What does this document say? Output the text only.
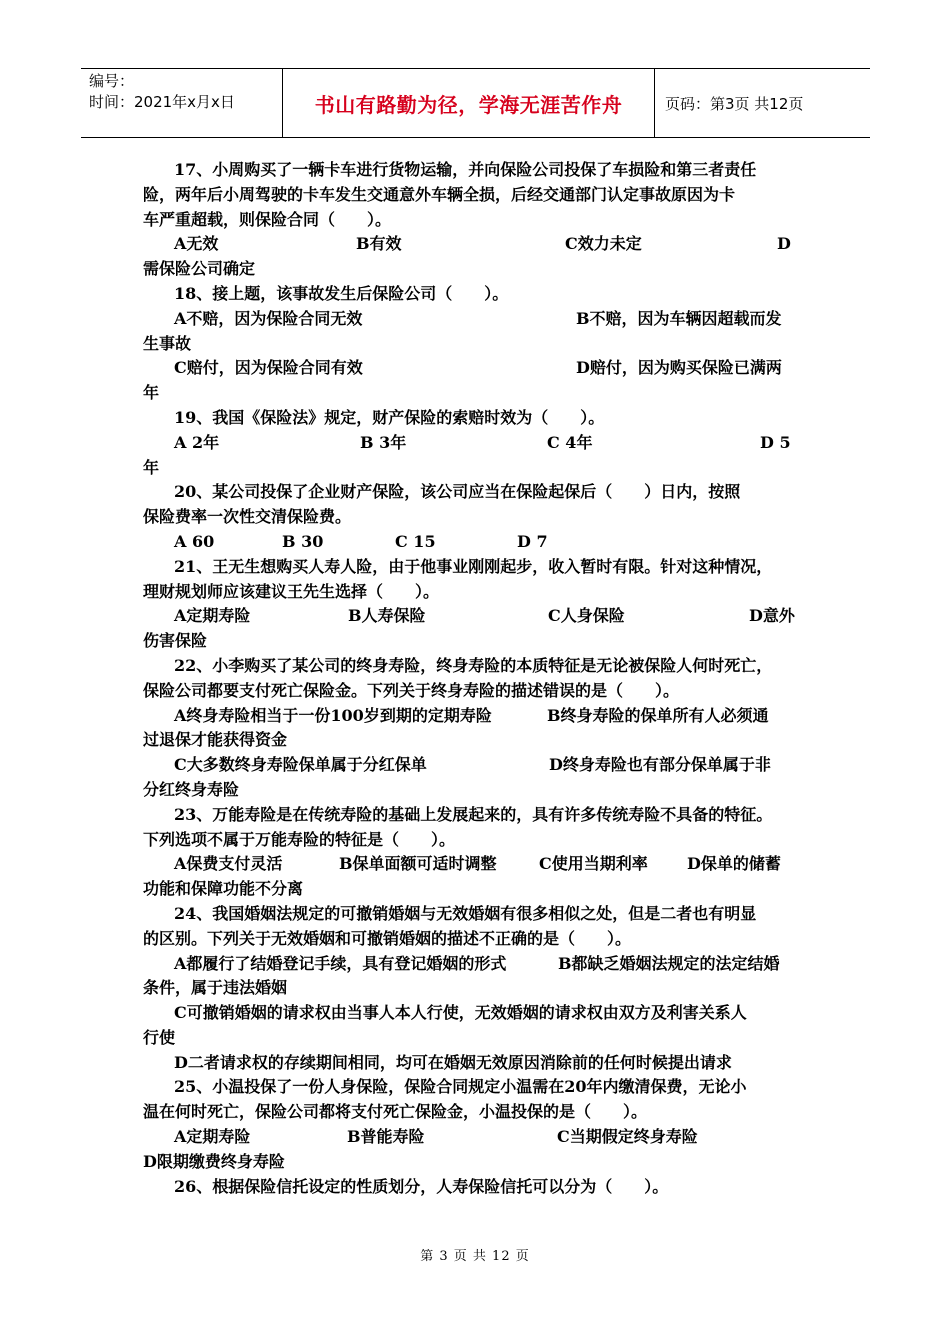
编号：
时间：2021年x月x日	书山有路勤为径，学海无涯苦作舟	页码：第3页 共12页
17、小周购买了一辆卡车进行货物运输，并向保险公司投保了车损险和第三者责任
险，两年后小周驾驶的卡车发生交通意外车辆全损，后经交通部门认定事故原因为卡
车严重超载，则保险合同（　　）。
A无效	B有效	C效力未定	D
需保险公司确定
18、接上题，该事故发生后保险公司（　　）。
A不赔，因为保险合同无效	B不赔，因为车辆因超载而发
生事故
C赔付，因为保险合同有效	D赔付，因为购买保险已满两
年
19、我国《保险法》规定，财产保险的索赔时效为（　　）。
A 2年	B 3年	C 4年	D 5
年
20、某公司投保了企业财产保险，该公司应当在保险起保后（　　）日内，按照
保险费率一次性交清保险费。
A 60	B 30	C 15	D 7
21、王无生想购买人寿人险，由于他事业刚刚起步，收入暂时有限。针对这种情况，
理财规划师应该建议王先生选择（　　）。
A定期寿险	B人寿保险	C人身保险	D意外
伤害保险
22、小李购买了某公司的终身寿险，终身寿险的本质特征是无论被保险人何时死亡，
保险公司都要支付死亡保险金。下列关于终身寿险的描述错误的是（　　）。
A终身寿险相当于一份100岁到期的定期寿险	B终身寿险的保单所有人必须通
过退保才能获得资金
C大多数终身寿险保单属于分红保单	D终身寿险也有部分保单属于非
分红终身寿险
23、万能寿险是在传统寿险的基础上发展起来的，具有许多传统寿险不具备的特征。
下列选项不属于万能寿险的特征是（　　）。
A保费支付灵活	B保单面额可适时调整	C使用当期利率 D保单的储蓄
功能和保障功能不分离
24、我国婚姻法规定的可撤销婚姻与无效婚姻有很多相似之处，但是二者也有明显
的区别。下列关于无效婚姻和可撤销婚姻的描述不正确的是（　　）。
A都履行了结婚登记手续，具有登记婚姻的形式	B都缺乏婚姻法规定的法定结婚
条件，属于违法婚姻
C可撤销婚姻的请求权由当事人本人行使，无效婚姻的请求权由双方及利害关系人
行使
D二者请求权的存续期间相同，均可在婚姻无效原因消除前的任何时候提出请求
25、小温投保了一份人身保险，保险合同规定小温需在20年内缴清保费，无论小
温在何时死亡，保险公司都将支付死亡保险金，小温投保的是（　　）。
A定期寿险	B普能寿险	C当期假定终身寿险
D限期缴费终身寿险
26、根据保险信托设定的性质划分，人寿保险信托可以分为（　　）。
第 3 页 共 12 页
